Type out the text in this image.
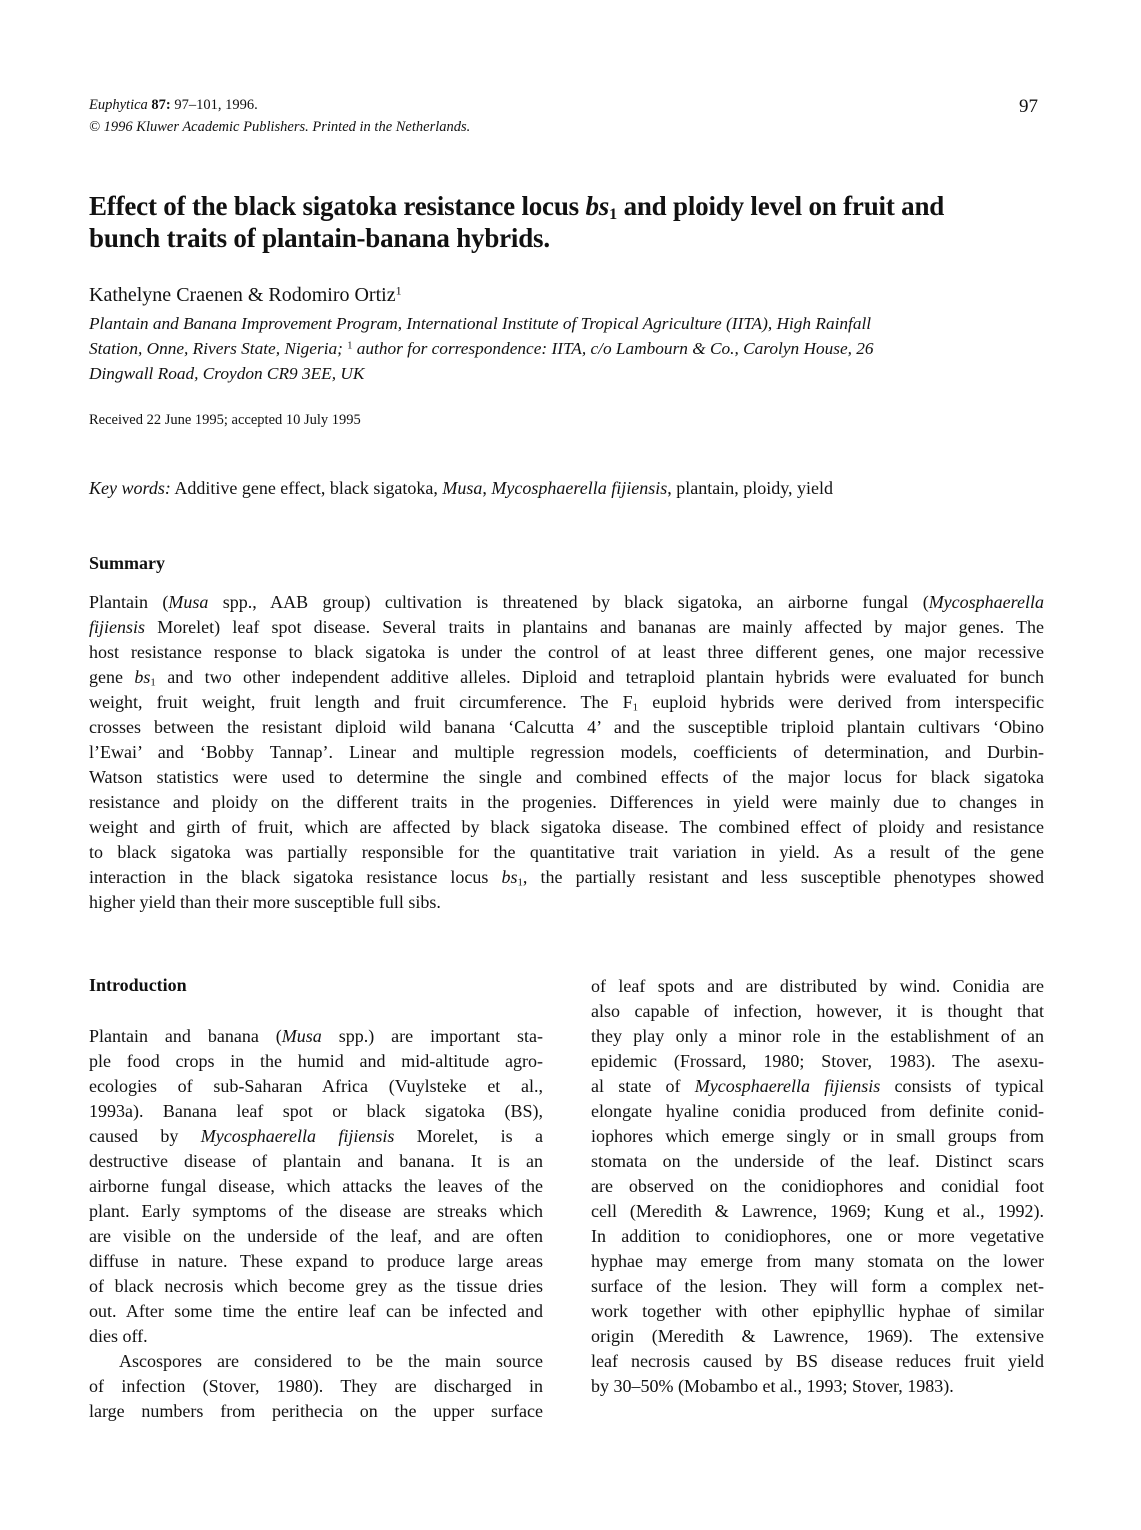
Euphytica 87: 97–101, 1996.
© 1996 Kluwer Academic Publishers. Printed in the Netherlands.
97
Effect of the black sigatoka resistance locus $bs_1$ and ploidy level on fruit and
bunch traits of plantain-banana hybrids.
Kathelyne Craenen & Rodomiro Ortiz$^1$
Plantain and Banana Improvement Program, International Institute of Tropical Agriculture (IITA), High Rainfall
Station, Onne, Rivers State, Nigeria; $^1$ author for correspondence: IITA, c/o Lambourn & Co., Carolyn House, 26
Dingwall Road, Croydon CR9 3EE, UK
Received 22 June 1995; accepted 10 July 1995
Key words: Additive gene effect, black sigatoka, Musa, Mycosphaerella fijiensis, plantain, ploidy, yield
Summary
Plantain (Musa spp., AAB group) cultivation is threatened by black sigatoka, an airborne fungal (Mycosphaerella
fijiensis Morelet) leaf spot disease. Several traits in plantains and bananas are mainly affected by major genes. The
host resistance response to black sigatoka is under the control of at least three different genes, one major recessive
gene $bs_1$ and two other independent additive alleles. Diploid and tetraploid plantain hybrids were evaluated for bunch
weight, fruit weight, fruit length and fruit circumference. The $F_1$ euploid hybrids were derived from interspecific
crosses between the resistant diploid wild banana ‘Calcutta 4’ and the susceptible triploid plantain cultivars ‘Obino
l’Ewai’ and ‘Bobby Tannap’. Linear and multiple regression models, coefficients of determination, and Durbin-
Watson statistics were used to determine the single and combined effects of the major locus for black sigatoka
resistance and ploidy on the different traits in the progenies. Differences in yield were mainly due to changes in
weight and girth of fruit, which are affected by black sigatoka disease. The combined effect of ploidy and resistance
to black sigatoka was partially responsible for the quantitative trait variation in yield. As a result of the gene
interaction in the black sigatoka resistance locus $bs_1$, the partially resistant and less susceptible phenotypes showed
higher yield than their more susceptible full sibs.
Introduction
Plantain and banana (Musa spp.) are important sta-
ple food crops in the humid and mid-altitude agro-
ecologies of sub-Saharan Africa (Vuylsteke et al.,
1993a). Banana leaf spot or black sigatoka (BS),
caused by Mycosphaerella fijiensis Morelet, is a
destructive disease of plantain and banana. It is an
airborne fungal disease, which attacks the leaves of the
plant. Early symptoms of the disease are streaks which
are visible on the underside of the leaf, and are often
diffuse in nature. These expand to produce large areas
of black necrosis which become grey as the tissue dries
out. After some time the entire leaf can be infected and
dies off.
Ascospores are considered to be the main source
of infection (Stover, 1980). They are discharged in
large numbers from perithecia on the upper surface
of leaf spots and are distributed by wind. Conidia are
also capable of infection, however, it is thought that
they play only a minor role in the establishment of an
epidemic (Frossard, 1980; Stover, 1983). The asexu-
al state of Mycosphaerella fijiensis consists of typical
elongate hyaline conidia produced from definite conid-
iophores which emerge singly or in small groups from
stomata on the underside of the leaf. Distinct scars
are observed on the conidiophores and conidial foot
cell (Meredith & Lawrence, 1969; Kung et al., 1992).
In addition to conidiophores, one or more vegetative
hyphae may emerge from many stomata on the lower
surface of the lesion. They will form a complex net-
work together with other epiphyllic hyphae of similar
origin (Meredith & Lawrence, 1969). The extensive
leaf necrosis caused by BS disease reduces fruit yield
by 30–50% (Mobambo et al., 1993; Stover, 1983).
